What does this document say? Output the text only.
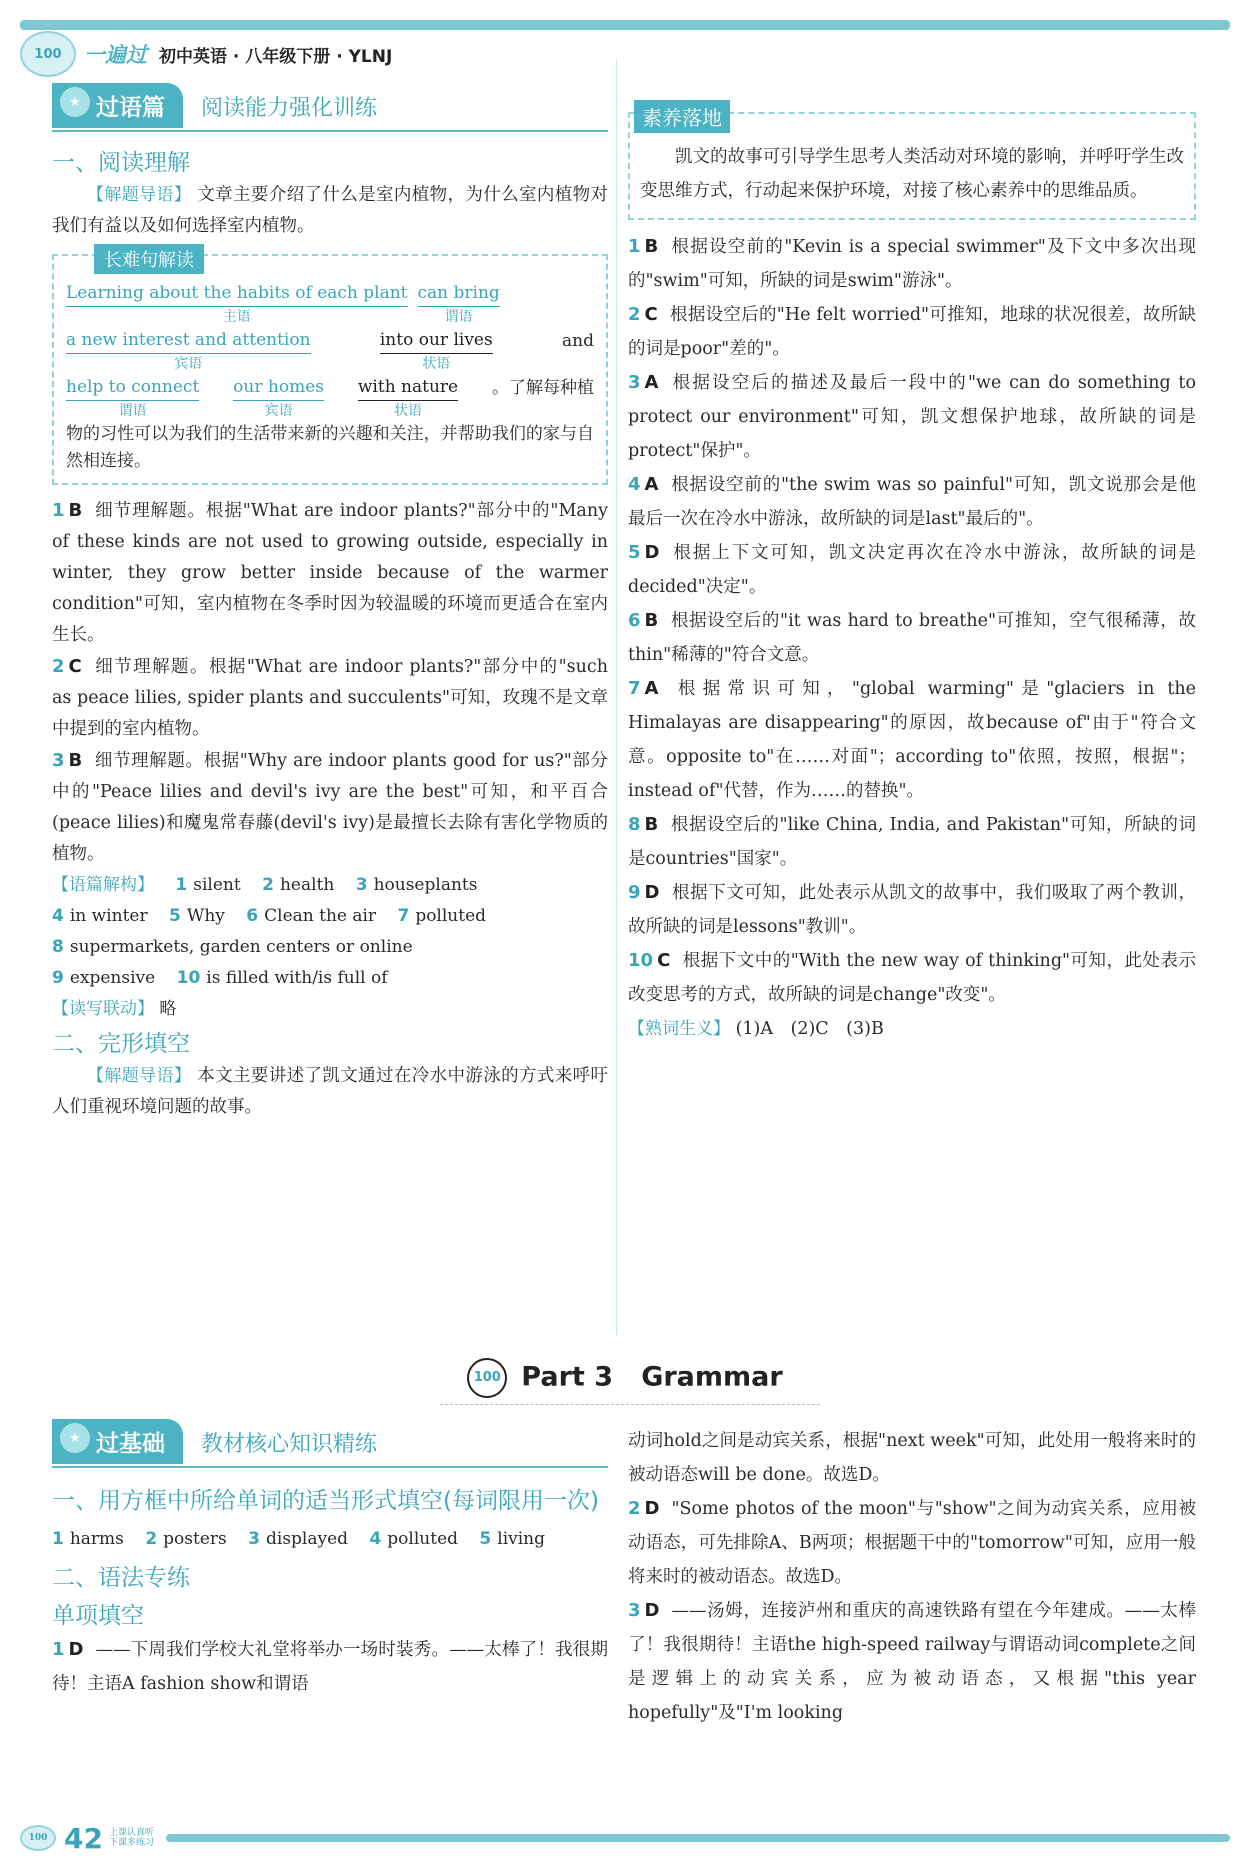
100 一遍过 初中英语 · 八年级下册 · YLNJ
★ 过语篇	阅读能力强化训练
一、阅读理解
【解题导语】 文章主要介绍了什么是室内植物，为什么室内植物对我们有益以及如何选择室内植物。
长难句解读
Learning about the habits of each plant
主语
can bring
谓语
a new interest and attention
宾语
into our lives
状语
and

help to connect
谓语
our homes
宾语
with nature
状语
。了解每种植

物的习性可以为我们的生活带来新的兴趣和关注，并帮助我们的家与自然相连接。
1 B 细节理解题。根据"What are indoor plants?"部分中的"Many of these kinds are not used to growing outside, especially in winter, they grow better inside because of the warmer condition"可知，室内植物在冬季时因为较温暖的环境而更适合在室内生长。
2 C 细节理解题。根据"What are indoor plants?"部分中的"such as peace lilies, spider plants and succulents"可知，玫瑰不是文章中提到的室内植物。
3 B 细节理解题。根据"Why are indoor plants good for us?"部分中的"Peace lilies and devil's ivy are the best"可知，和平百合(peace lilies)和魔鬼常春藤(devil's ivy)是最擅长去除有害化学物质的植物。
【语篇解构】 1 silent 2 health 3 houseplants
4 in winter 5 Why 6 Clean the air 7 polluted
8 supermarkets, garden centers or online
9 expensive 10 is filled with/is full of
【读写联动】 略
二、完形填空
【解题导语】 本文主要讲述了凯文通过在冷水中游泳的方式来呼吁人们重视环境问题的故事。
素养落地
凯文的故事可引导学生思考人类活动对环境的影响，并呼吁学生改变思维方式，行动起来保护环境，对接了核心素养中的思维品质。
1 B 根据设空前的"Kevin is a special swimmer"及下文中多次出现的"swim"可知，所缺的词是swim"游泳"。
2 C 根据设空后的"He felt worried"可推知，地球的状况很差，故所缺的词是poor"差的"。
3 A 根据设空后的描述及最后一段中的"we can do something to protect our environment"可知，凯文想保护地球，故所缺的词是protect"保护"。
4 A 根据设空前的"the swim was so painful"可知，凯文说那会是他最后一次在冷水中游泳，故所缺的词是last"最后的"。
5 D 根据上下文可知，凯文决定再次在冷水中游泳，故所缺的词是decided"决定"。
6 B 根据设空后的"it was hard to breathe"可推知，空气很稀薄，故thin"稀薄的"符合文意。
7 A 根据常识可知，"global warming"是"glaciers in the Himalayas are disappearing"的原因，故because of"由于"符合文意。opposite to"在……对面"；according to"依照，按照，根据"；instead of"代替，作为……的替换"。
8 B 根据设空后的"like China, India, and Pakistan"可知，所缺的词是countries"国家"。
9 D 根据下文可知，此处表示从凯文的故事中，我们吸取了两个教训，故所缺的词是lessons"教训"。
10 C 根据下文中的"With the new way of thinking"可知，此处表示改变思考的方式，故所缺的词是change"改变"。
【熟词生义】 (1)A　(2)C　(3)B
100 Part 3 Grammar
★ 过基础	教材核心知识精练
一、用方框中所给单词的适当形式填空(每词限用一次)
1 harms 2 posters 3 displayed 4 polluted 5 living
二、语法专练
单项填空
1 D ——下周我们学校大礼堂将举办一场时装秀。——太棒了！我很期待！主语A fashion show和谓语
动词hold之间是动宾关系，根据"next week"可知，此处用一般将来时的被动语态will be done。故选D。
2 D "Some photos of the moon"与"show"之间为动宾关系，应用被动语态，可先排除A、B两项；根据题干中的"tomorrow"可知，应用一般将来时的被动语态。故选D。
3 D ——汤姆，连接泸州和重庆的高速铁路有望在今年建成。——太棒了！我很期待！主语the high-speed railway与谓语动词complete之间是逻辑上的动宾关系，应为被动语态，又根据"this year hopefully"及"I'm looking
100 42 上课认真听
下课多练习
